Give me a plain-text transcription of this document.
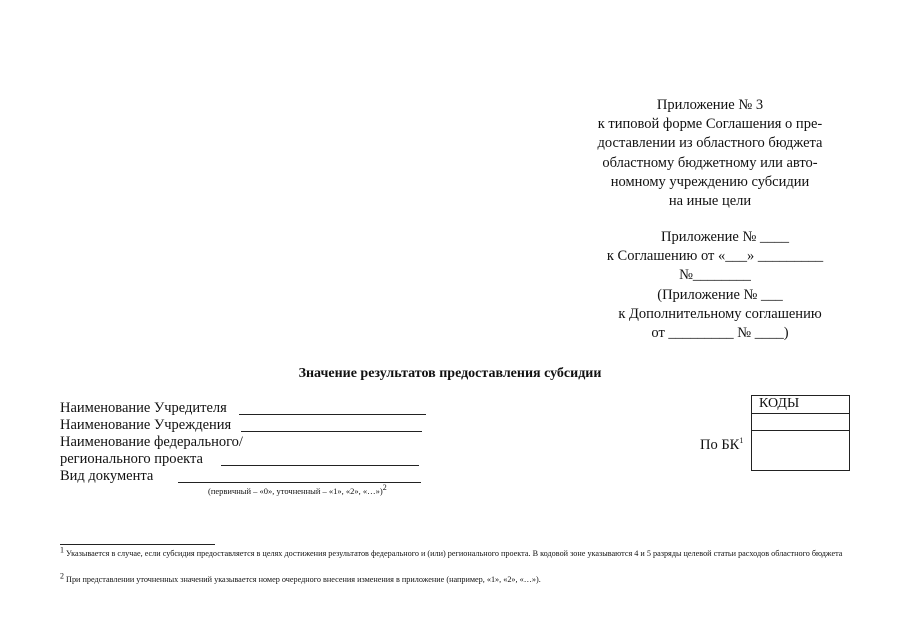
Приложение № 3
к типовой форме Соглашения о пре-
доставлении из областного бюджета
областному бюджетному или авто-
номному учреждению субсидии
на иные цели
Приложение № ____
к Соглашению от «___» _________
№________
(Приложение № ___
к Дополнительному соглашению
от _________ № ____)
Значение результатов предоставления субсидии
Наименование Учредителя
Наименование Учреждения
Наименование федерального/
регионального проекта
Вид документа
(первичный – «0», уточненный – «1», «2», «…»)2
По $БК^1$
КОДЫ
1 Указывается в случае, если субсидия предоставляется в целях достижения результатов федерального и (или) регионального проекта. В кодовой зоне указываются 4 и 5 разряды целевой статьи расходов областного бюджета
2 При представлении уточненных значений указывается номер очередного внесения изменения в приложение (например, «1», «2», «…»).
